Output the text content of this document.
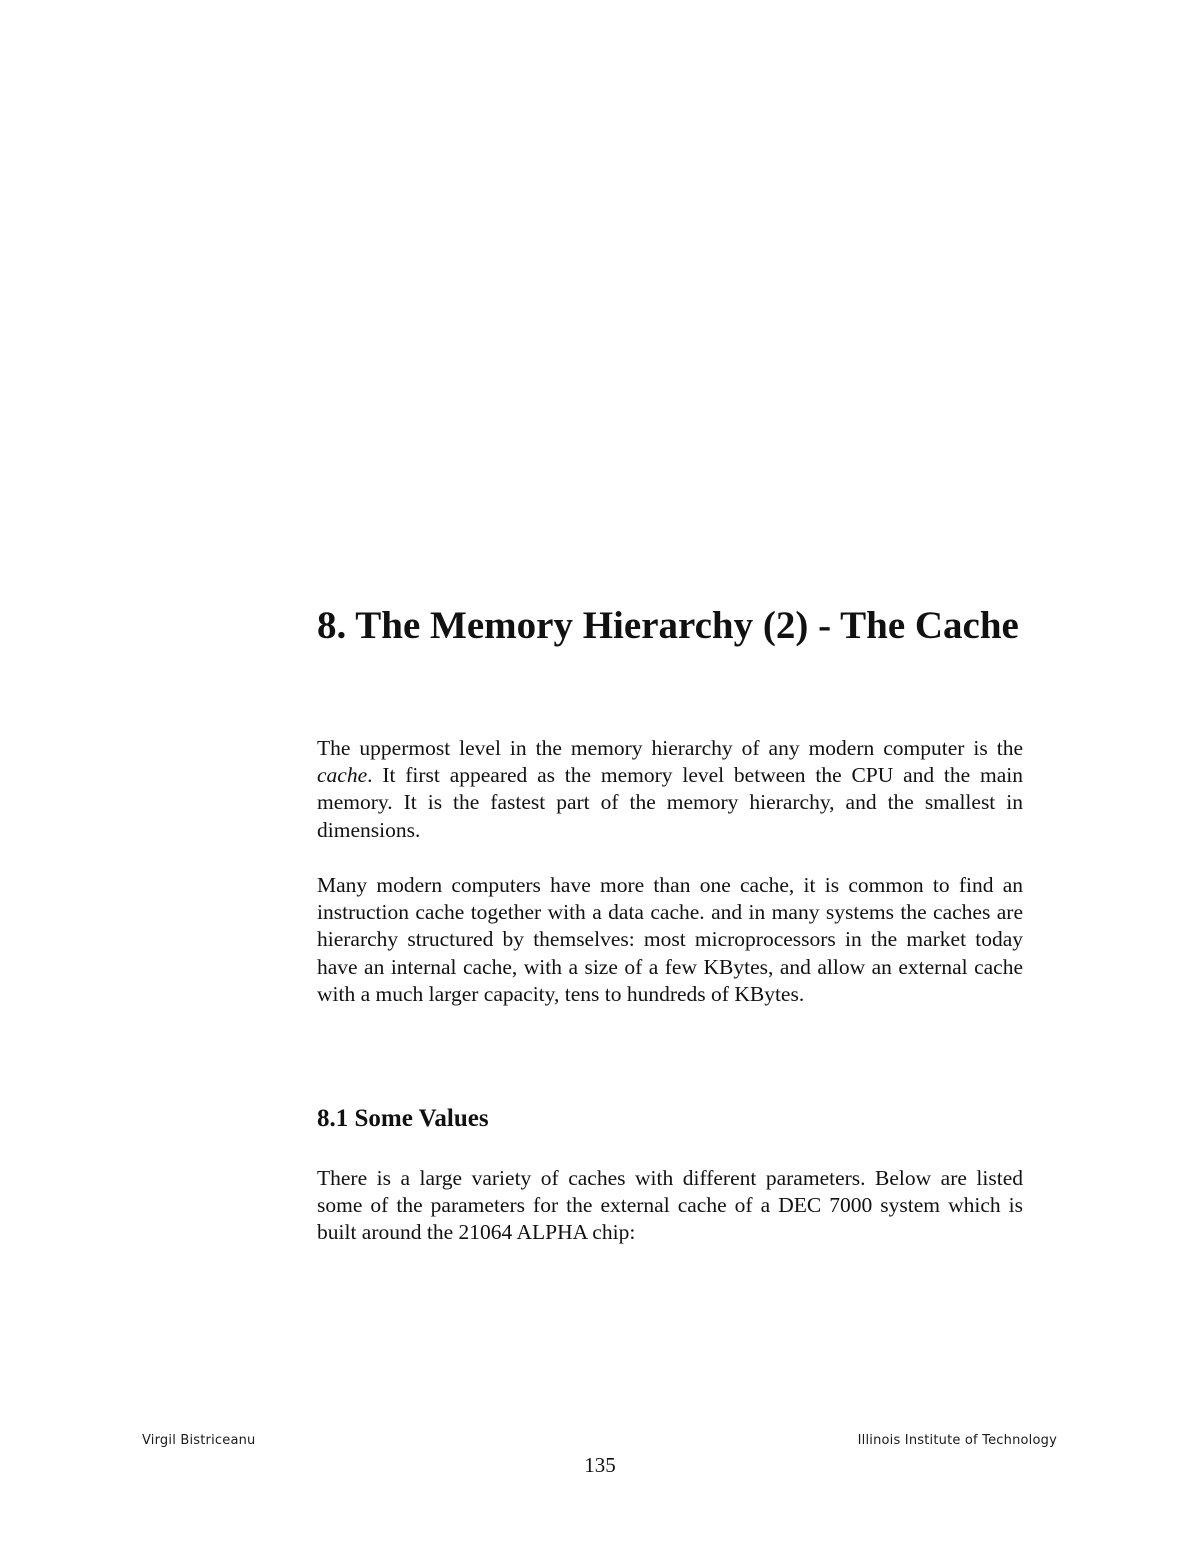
8. The Memory Hierarchy (2) - The Cache

The uppermost level in the memory hierarchy of any modern computer is the cache. It first appeared as the memory level between the CPU and the main memory. It is the fastest part of the memory hierarchy, and the smallest in dimensions.

Many modern computers have more than one cache, it is common to find an instruction cache together with a data cache. and in many systems the caches are hierarchy structured by themselves: most microprocessors in the market today have an internal cache, with a size of a few KBytes, and allow an external cache with a much larger capacity, tens to hundreds of KBytes.

8.1 Some Values

There is a large variety of caches with different parameters. Below are listed some of the parameters for the external cache of a DEC 7000 system which is built around the 21064 ALPHA chip:

Virgil Bistriceanu	Illinois Institute of Technology
135
